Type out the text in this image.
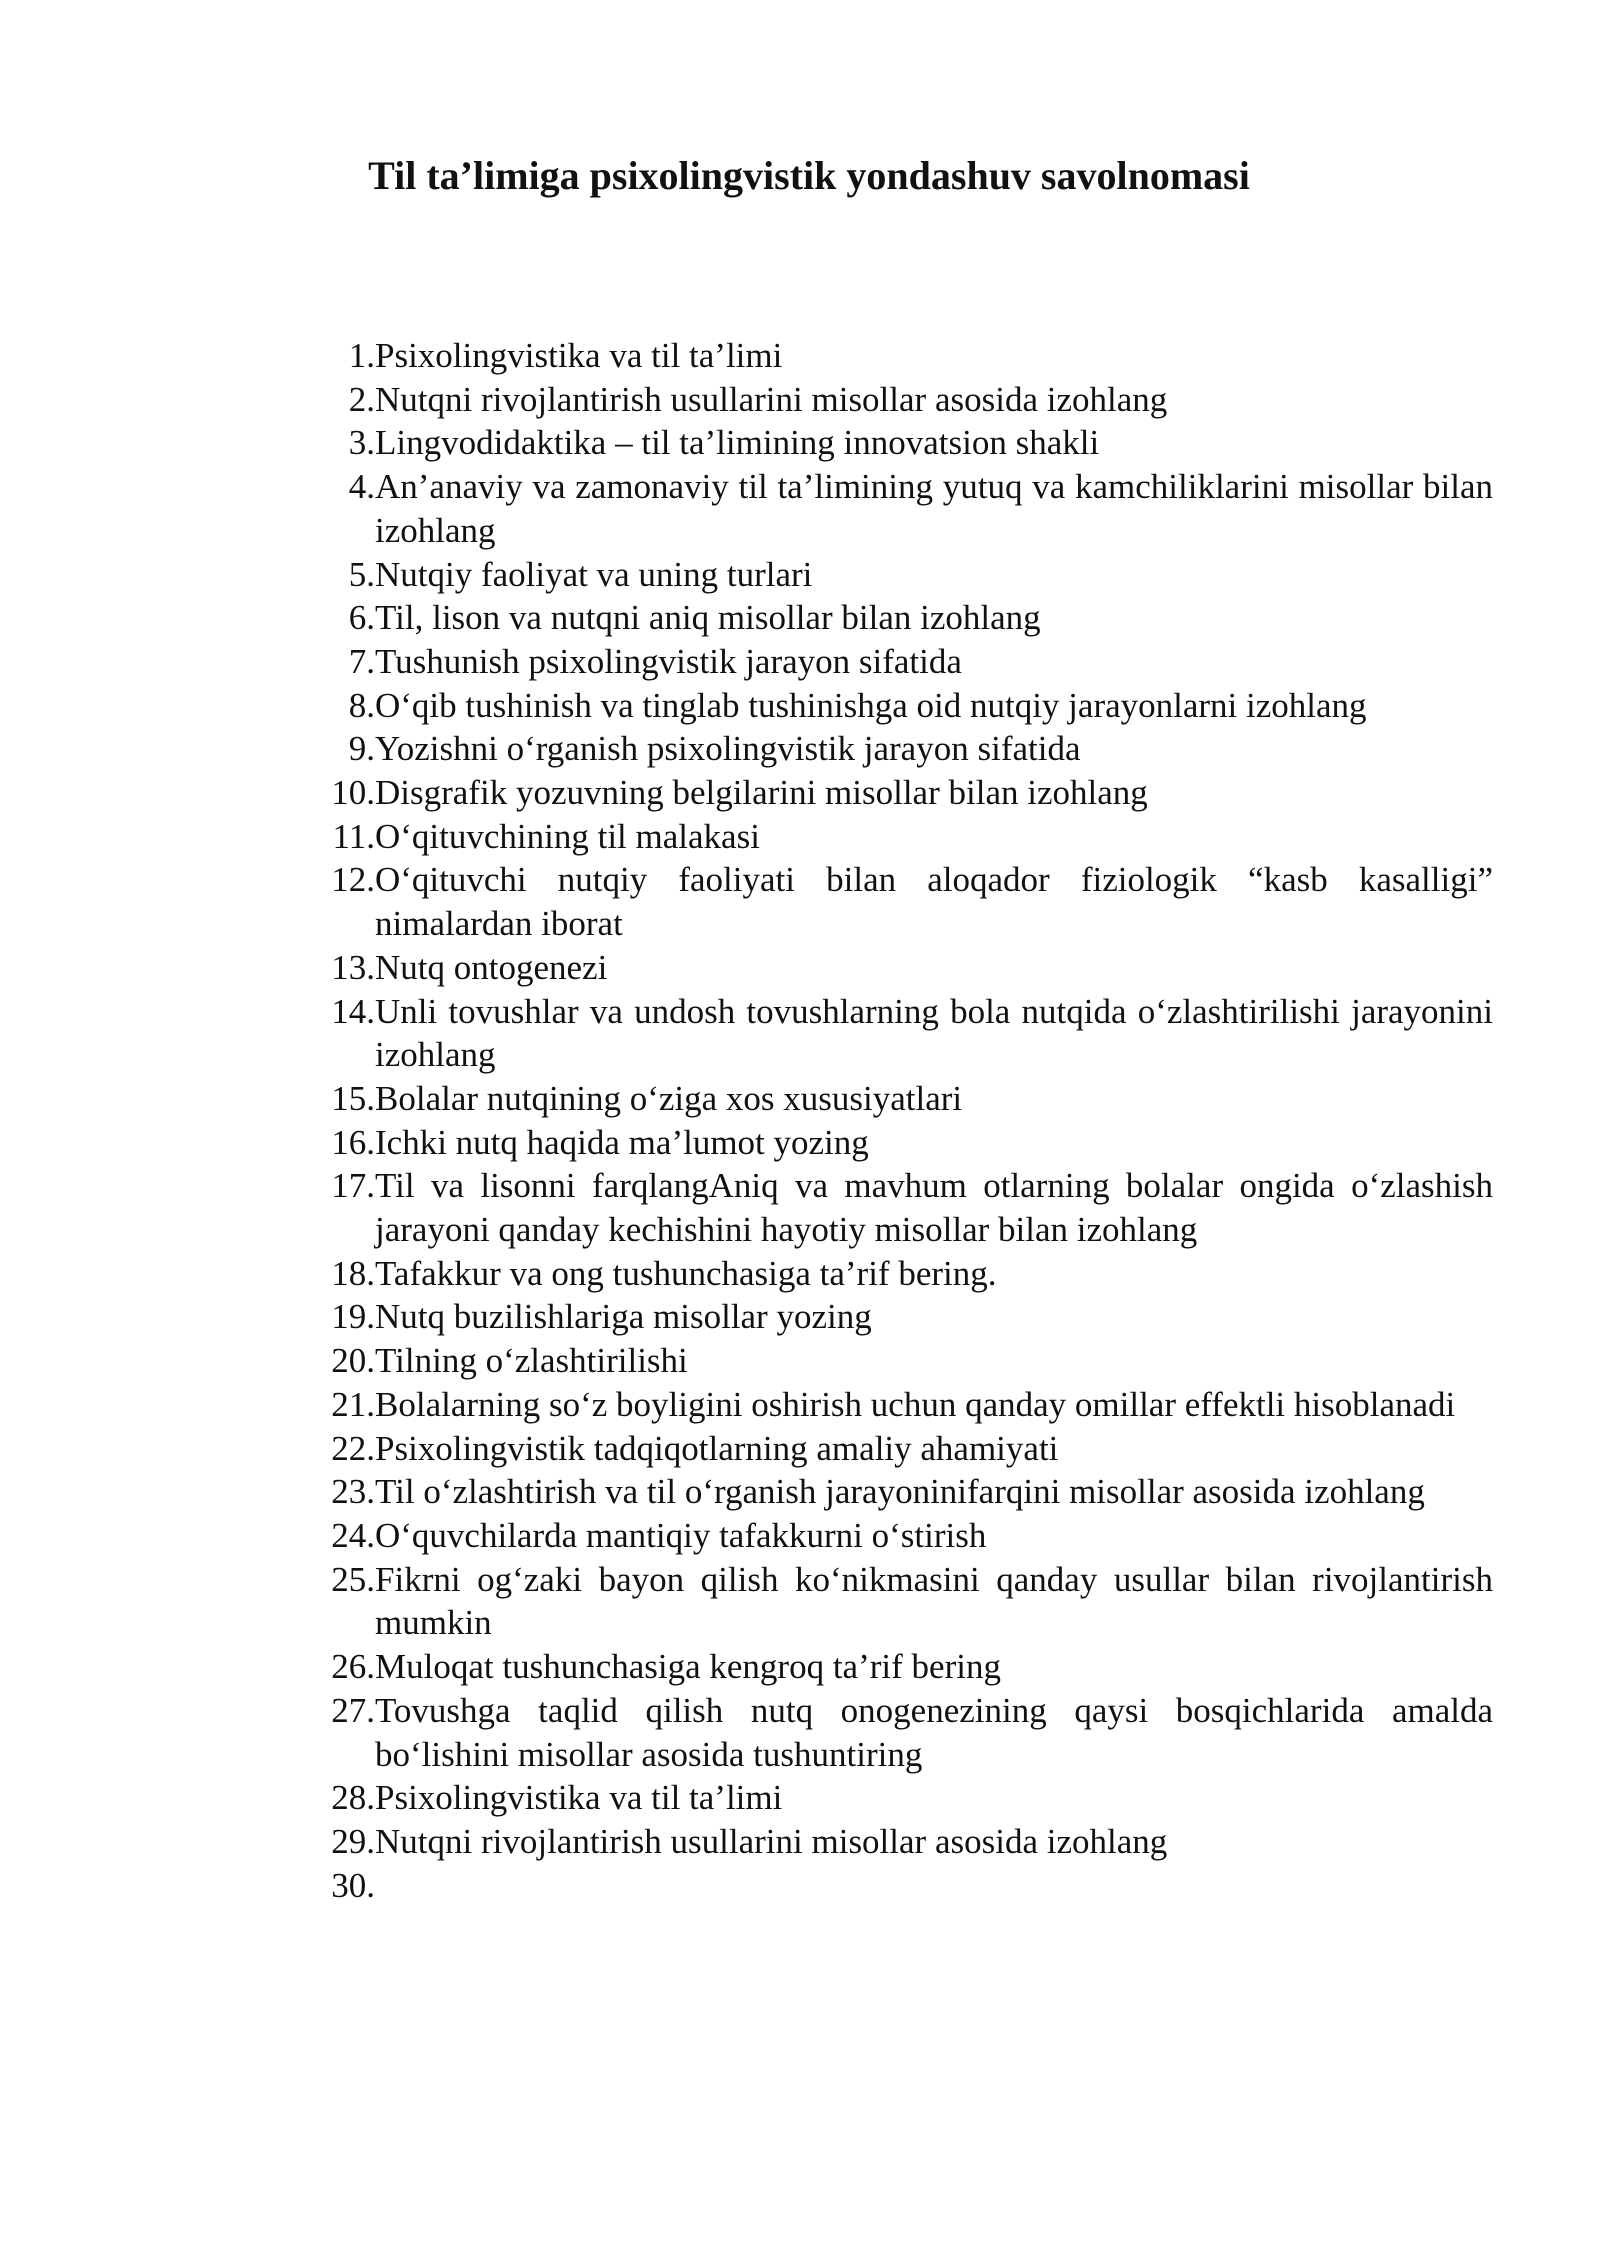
Til ta’limiga psixolingvistik yondashuv savolnomasi
1. Psixolingvistika va til ta’limi
2. Nutqni rivojlantirish usullarini misollar asosida izohlang
3. Lingvodidaktika – til ta’limining innovatsion shakli
4. An’anaviy va zamonaviy til ta’limining yutuq va kamchiliklarini misollar bilan izohlang
5. Nutqiy faoliyat va uning turlari
6. Til, lison va nutqni aniq misollar bilan izohlang
7. Tushunish psixolingvistik jarayon sifatida
8. O‘qib tushinish va tinglab tushinishga oid nutqiy jarayonlarni izohlang
9. Yozishni o‘rganish psixolingvistik jarayon sifatida
10. Disgrafik yozuvning belgilarini misollar bilan izohlang
11. O‘qituvchining til malakasi
12. O‘qituvchi nutqiy faoliyati bilan aloqador fiziologik “kasb kasalligi” nimalardan iborat
13. Nutq ontogenezi
14. Unli tovushlar va undosh tovushlarning bola nutqida o‘zlashtirilishi jarayonini izohlang
15. Bolalar nutqining o‘ziga xos xususiyatlari
16. Ichki nutq haqida ma’lumot yozing
17. Til va lisonni farqlangAniq va mavhum otlarning bolalar ongida o‘zlashish jarayoni qanday kechishini hayotiy misollar bilan izohlang
18. Tafakkur va ong tushunchasiga ta’rif bering.
19. Nutq buzilishlariga misollar yozing
20. Tilning o‘zlashtirilishi
21. Bolalarning so‘z boyligini oshirish uchun qanday omillar effektli hisoblanadi
22. Psixolingvistik tadqiqotlarning amaliy ahamiyati
23. Til o‘zlashtirish va til o‘rganish jarayoninifarqini misollar asosida izohlang
24. O‘quvchilarda mantiqiy tafakkurni o‘stirish
25. Fikrni og‘zaki bayon qilish ko‘nikmasini qanday usullar bilan rivojlantirish mumkin
26. Muloqat tushunchasiga kengroq ta’rif bering
27. Tovushga taqlid qilish nutq onogenezining qaysi bosqichlarida amalda bo‘lishini misollar asosida tushuntiring
28. Psixolingvistika va til ta’limi
29. Nutqni rivojlantirish usullarini misollar asosida izohlang
30.
